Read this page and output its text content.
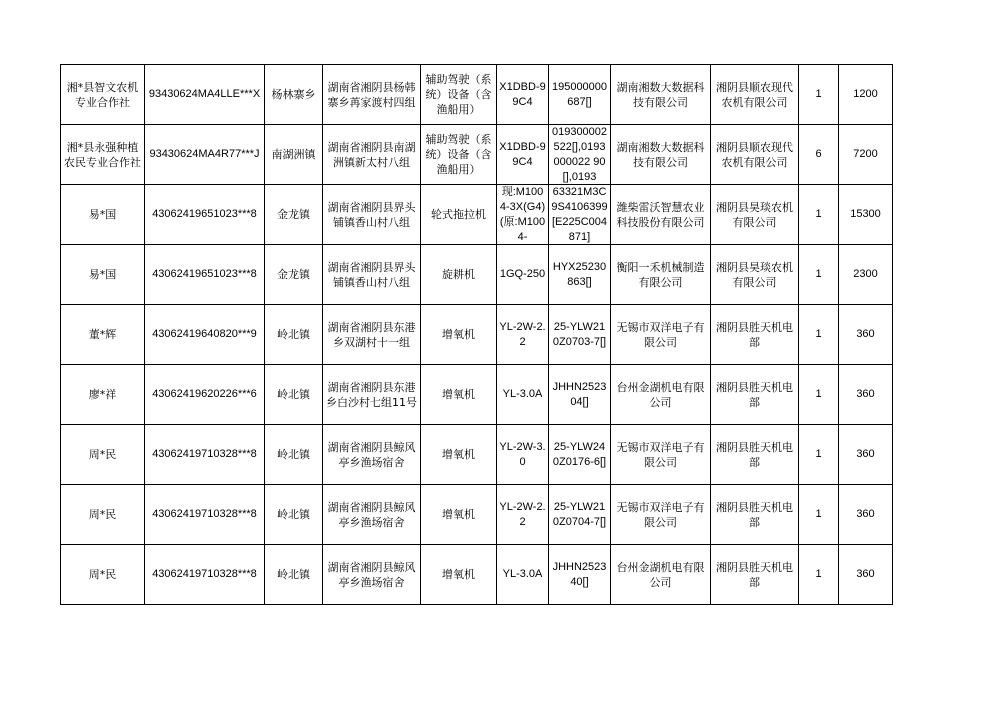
湘*县智文农机专业合作社	93430624MA4LLE***X	杨林寨乡	湖南省湘阴县杨韩寨乡苒家渡村四组	辅助驾驶（系统）设备（含渔船用）	X1DBD-99C4	195000000687[]	湖南湘数大数据科技有限公司	湘阴县顺农现代农机有限公司	1	1200

湘*县永强种植农民专业合作社	93430624MA4R77***J	南湖洲镇	湖南省湘阴县南湖洲镇新太村八组	辅助驾驶（系统）设备（含渔船用）	X1DBD-99C4	019300002522[],0193000022 90[],0193	湖南湘数大数据科技有限公司	湘阴县顺农现代农机有限公司	6	7200

易*国	43062419651023***8	金龙镇	湖南省湘阴县界头铺镇香山村八组	轮式拖拉机	现:M1004-3X(G4)(原:M1004-	63321M3C9S4106399[E225C004871]	潍柴雷沃智慧农业科技股份有限公司	湘阴县昊琰农机有限公司	1	15300

易*国	43062419651023***8	金龙镇	湖南省湘阴县界头铺镇香山村八组	旋耕机	1GQ-250	HYX25230863[]	衡阳一禾机械制造有限公司	湘阴县昊琰农机有限公司	1	2300

董*辉	43062419640820***9	岭北镇	湖南省湘阴县东港乡双湖村十一组	增氧机	YL-2W-2.2	25-YLW210Z0703-7[]	无锡市双洋电子有限公司	湘阴县胜天机电部	1	360

廖*祥	43062419620226***6	岭北镇	湖南省湘阴县东港乡白沙村七组11号	增氧机	YL-3.0A	JHHN252304[]	台州金湖机电有限公司	湘阴县胜天机电部	1	360

周*民	43062419710328***8	岭北镇	湖南省湘阴县鲸风亭乡渔场宿舍	增氧机	YL-2W-3.0	25-YLW240Z0176-6[]	无锡市双洋电子有限公司	湘阴县胜天机电部	1	360

周*民	43062419710328***8	岭北镇	湖南省湘阴县鲸风亭乡渔场宿舍	增氧机	YL-2W-2.2	25-YLW210Z0704-7[]	无锡市双洋电子有限公司	湘阴县胜天机电部	1	360

周*民	43062419710328***8	岭北镇	湖南省湘阴县鲸风亭乡渔场宿舍	增氧机	YL-3.0A	JHHN252340[]	台州金湖机电有限公司	湘阴县胜天机电部	1	360
